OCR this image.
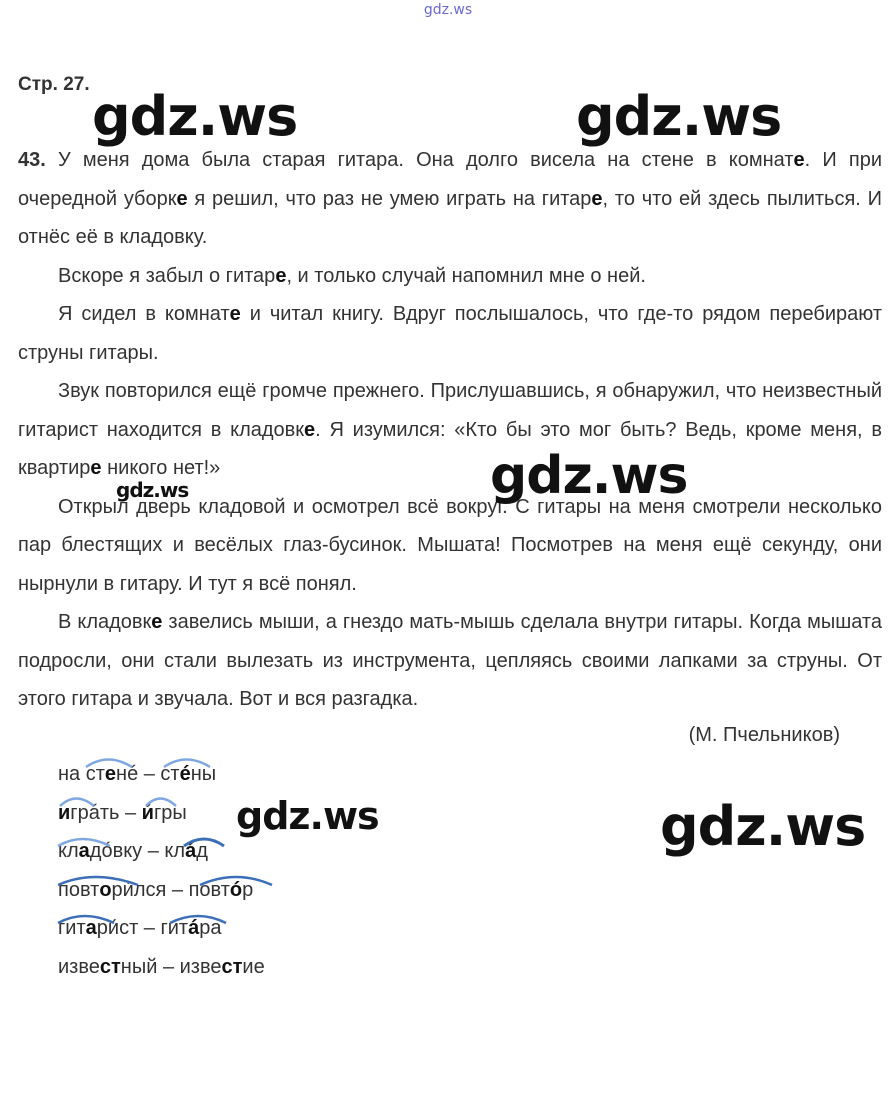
gdz.ws
Стр. 27.
gdz.ws	gdz.ws

43. У меня дома была старая гитара. Она долго висела на стене в комнате. И при очередной уборке я решил, что раз не умею играть на гитаре, то что ей здесь пылиться. И отнёс её в кладовку.

Вскоре я забыл о гитаре, и только случай напомнил мне о ней.

Я сидел в комнате и читал книгу. Вдруг послышалось, что где-то рядом перебирают струны гитары.

Звук повторился ещё громче прежнего. Прислушавшись, я обнаружил, что неизвестный гитарист находится в кладовке. Я изумился: «Кто бы это мог быть? Ведь, кроме меня, в квартире никого нет!»

Открыл дверь кладовой и осмотрел всё вокруг. С гитары на меня смотрели несколько пар блестящих и весёлых глаз-бусинок. Мышата! Посмотрев на меня ещё секунду, они нырнули в гитару. И тут я всё понял.

В кладовке завелись мыши, а гнездо мать-мышь сделала внутри гитары. Когда мышата подросли, они стали вылезать из инструмента, цепляясь своими лапками за струны. От этого гитара и звучала. Вот и вся разгадка.

gdz.ws
gdz.ws
(М. Пчельников)
на стенé – стéны
игрáть – и́гры
кладóвку – клáд
повтори́лся – повтóр
гитари́ст – гитáра
известный – известие
gdz.ws	gdz.ws
